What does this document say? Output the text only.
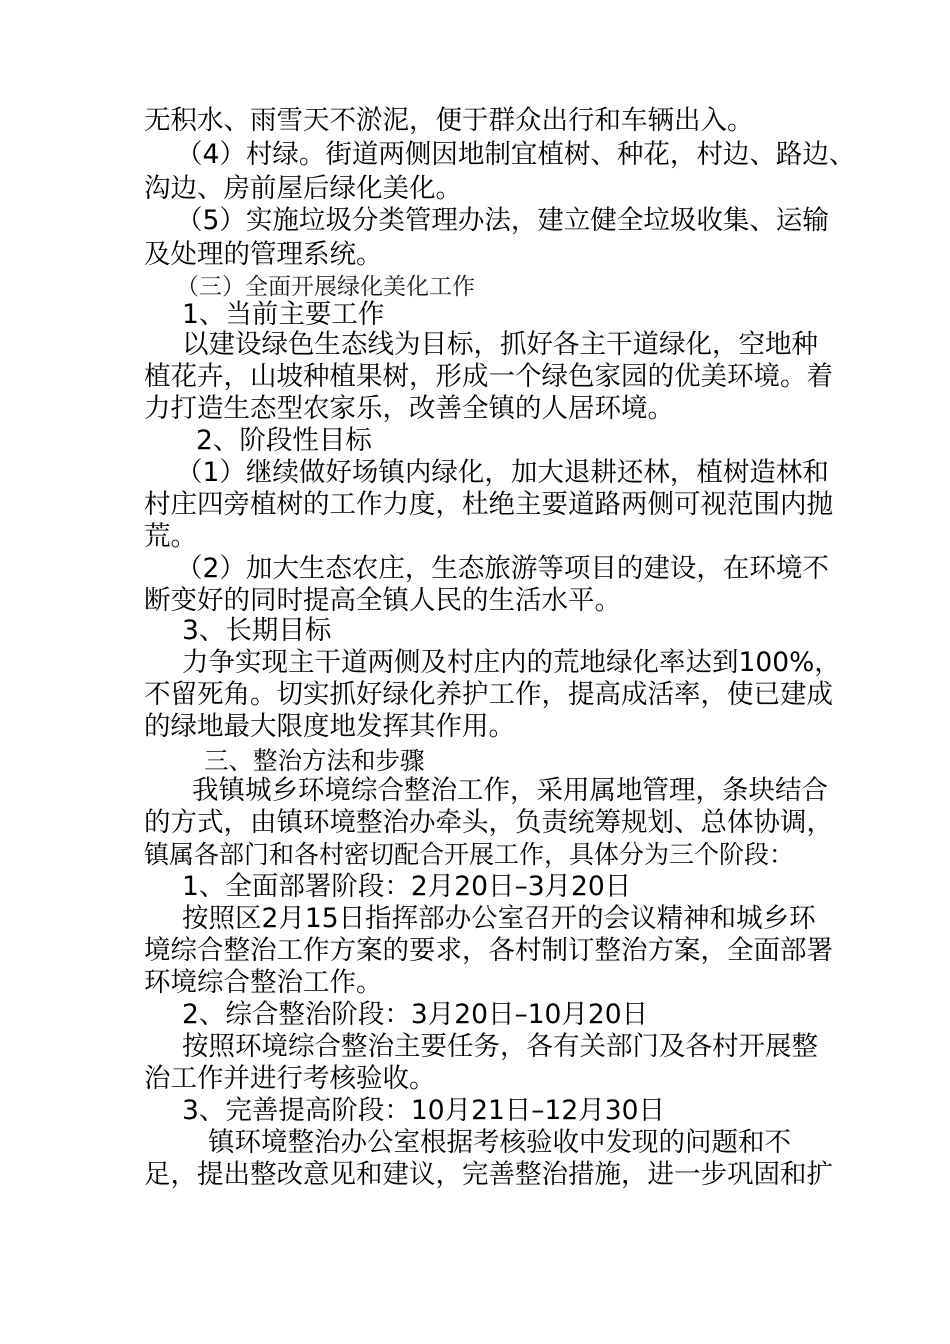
无积水、雨雪天不淤泥，便于群众出行和车辆出入。

（4）村绿。街道两侧因地制宜植树、种花，村边、路边、

沟边、房前屋后绿化美化。

（5）实施垃圾分类管理办法，建立健全垃圾收集、运输

及处理的管理系统。

（三）全面开展绿化美化工作

1、当前主要工作

以建设绿色生态线为目标，抓好各主干道绿化，空地种

植花卉，山坡种植果树，形成一个绿色家园的优美环境。着

力打造生态型农家乐，改善全镇的人居环境。

2、阶段性目标

（1）继续做好场镇内绿化，加大退耕还林，植树造林和

村庄四旁植树的工作力度，杜绝主要道路两侧可视范围内抛

荒。

（2）加大生态农庄，生态旅游等项目的建设，在环境不

断变好的同时提高全镇人民的生活水平。

3、长期目标

力争实现主干道两侧及村庄内的荒地绿化率达到100%，

不留死角。切实抓好绿化养护工作，提高成活率，使已建成

的绿地最大限度地发挥其作用。

三、整治方法和步骤

我镇城乡环境综合整治工作，采用属地管理，条块结合

的方式，由镇环境整治办牵头，负责统筹规划、总体协调，

镇属各部门和各村密切配合开展工作，具体分为三个阶段：

1、全面部署阶段：2月20日–3月20日

按照区2月15日指挥部办公室召开的会议精神和城乡环

境综合整治工作方案的要求，各村制订整治方案，全面部署

环境综合整治工作。

2、综合整治阶段：3月20日–10月20日

按照环境综合整治主要任务，各有关部门及各村开展整

治工作并进行考核验收。

3、完善提高阶段：10月21日–12月30日

镇环境整治办公室根据考核验收中发现的问题和不

足，提出整改意见和建议，完善整治措施，进一步巩固和扩
